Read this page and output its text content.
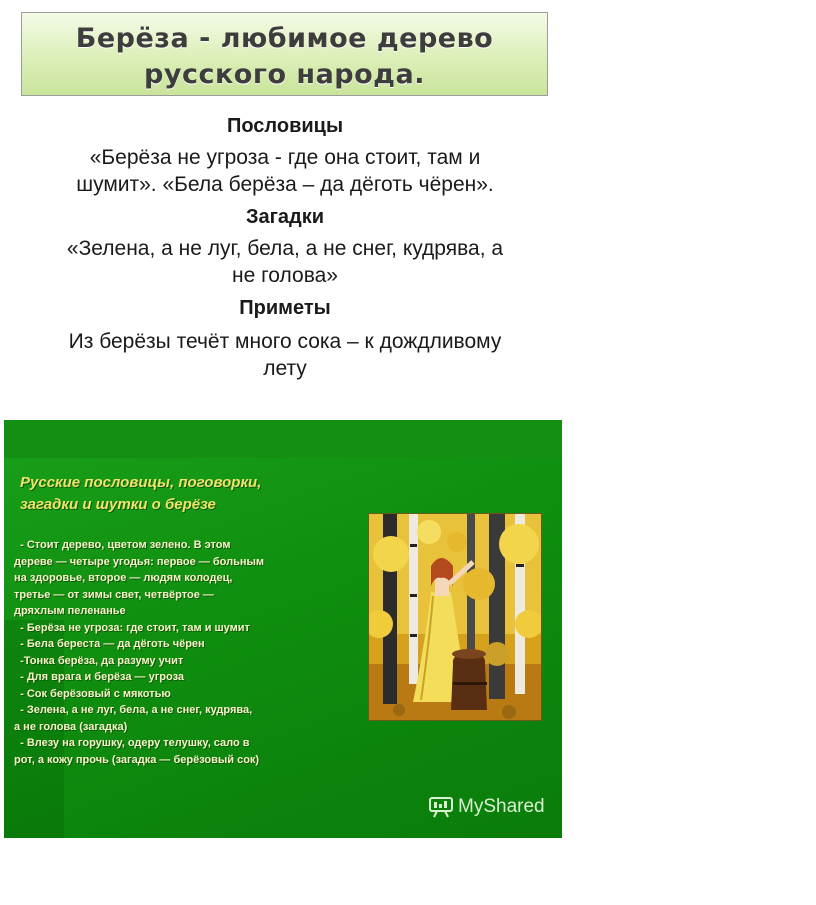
Берёза - любимое дерево
русского народа.
Пословицы
«Берёза не угроза - где она стоит, там и
шумит». «Бела берёза – да дёготь чёрен».
Загадки
«Зелена, а не луг, бела, а не снег, кудрява, а
не голова»
Приметы
Из берёзы течёт много сока – к дождливому
лету
Русские пословицы, поговорки,
загадки и шутки о берёзе
- Стоит дерево, цветом зелено. В этом
дереве — четыре угодья: первое — больным
на здоровье, второе — людям колодец,
третье — от зимы свет, четвёртое —
дряхлым пеленанье
- Берёза не угроза: где стоит, там и шумит
- Бела береста — да дёготь чёрен
-Тонка берёза, да разуму учит
- Для врага и берёза — угроза
- Сок берёзовый с мякотью
- Зелена, а не луг, бела, а не снег, кудрява,
а не голова (загадка)
- Влезу на горушку, одеру телушку, сало в
рот, а кожу прочь (загадка — берёзовый сок)
MyShared
